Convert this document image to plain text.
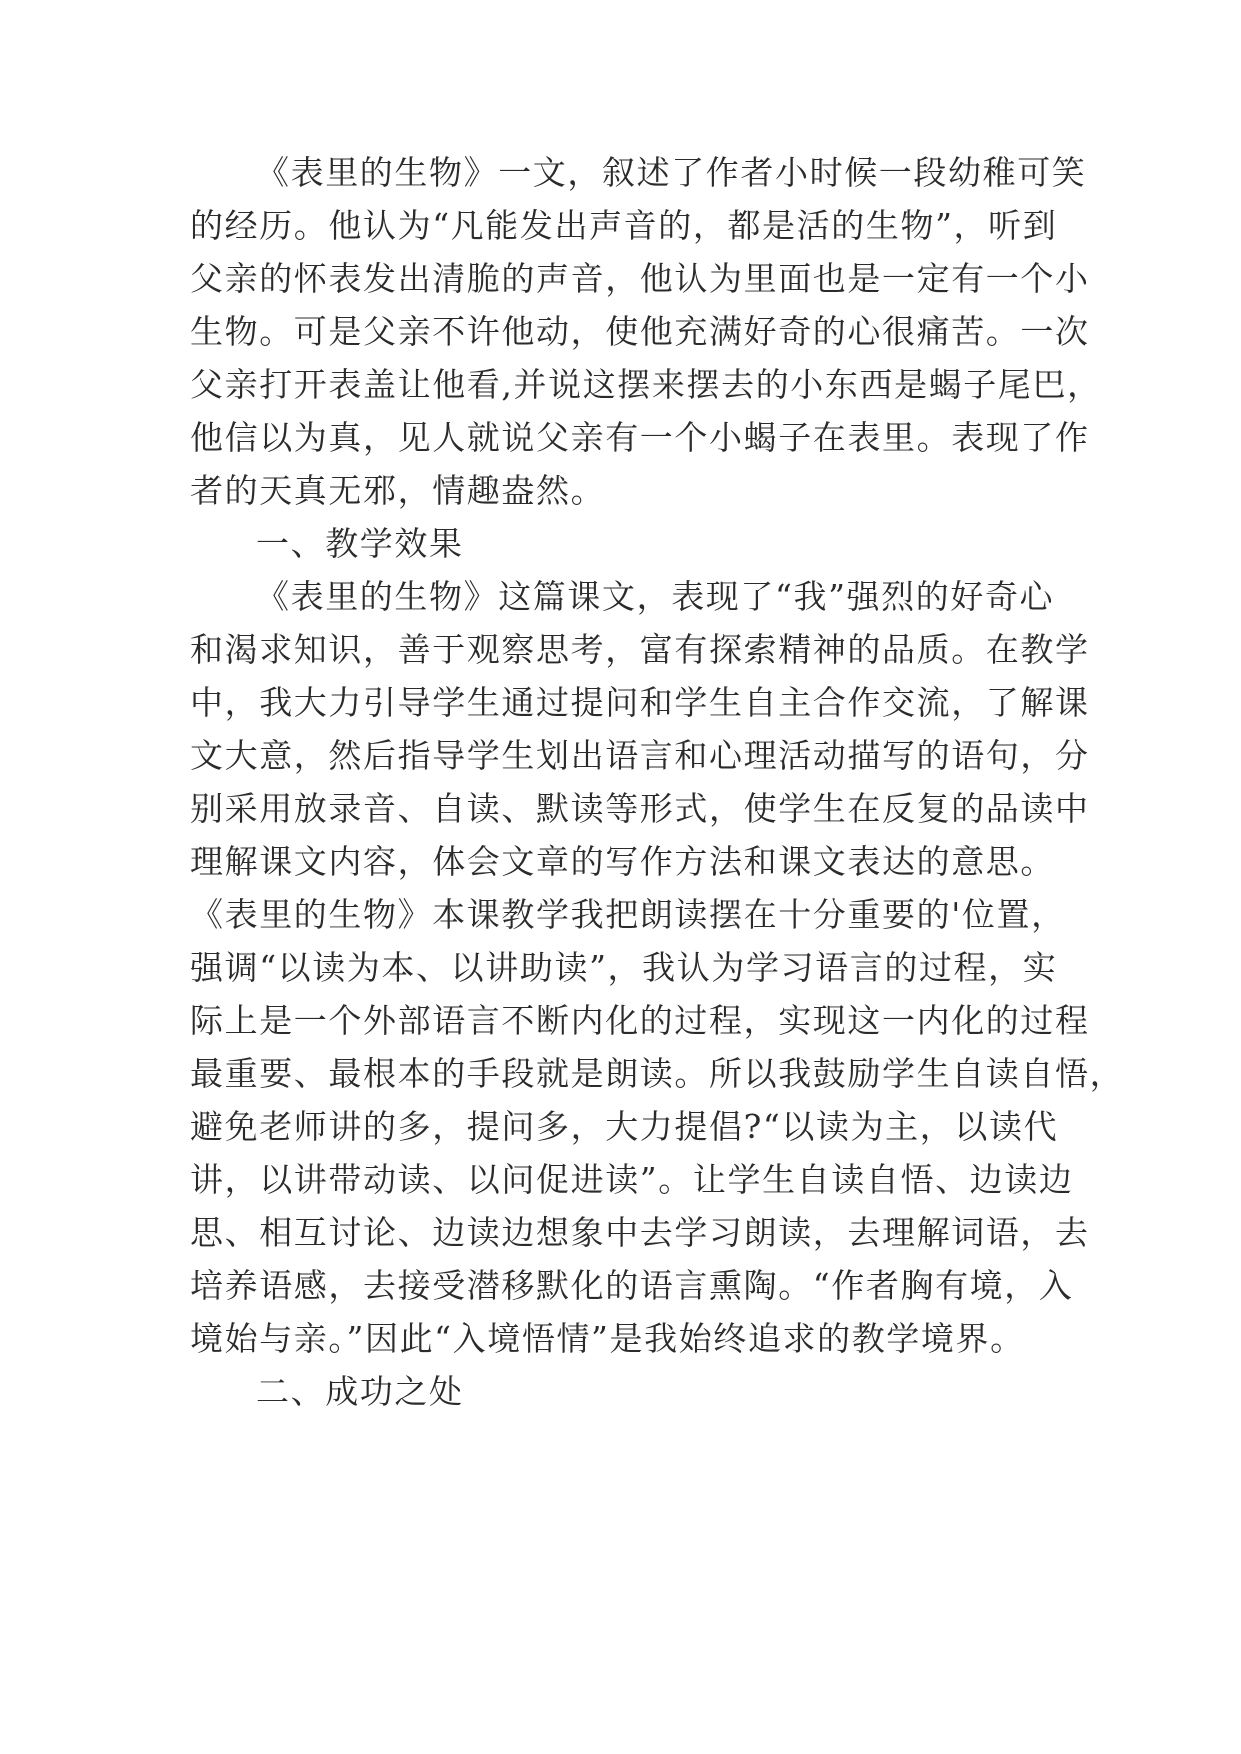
《表里的生物》一文，叙述了作者小时候一段幼稚可笑

的经历。他认为“凡能发出声音的，都是活的生物”，听到

父亲的怀表发出清脆的声音，他认为里面也是一定有一个小

生物。可是父亲不许他动，使他充满好奇的心很痛苦。一次

父亲打开表盖让他看,并说这摆来摆去的小东西是蝎子尾巴，

他信以为真，见人就说父亲有一个小蝎子在表里。表现了作

者的天真无邪，情趣盎然。

一、教学效果

《表里的生物》这篇课文，表现了“我”强烈的好奇心

和渴求知识，善于观察思考，富有探索精神的品质。在教学

中，我大力引导学生通过提问和学生自主合作交流，了解课

文大意，然后指导学生划出语言和心理活动描写的语句，分

别采用放录音、自读、默读等形式，使学生在反复的品读中

理解课文内容，体会文章的写作方法和课文表达的意思。

《表里的生物》本课教学我把朗读摆在十分重要的'位置，

强调“以读为本、以讲助读”，我认为学习语言的过程，实

际上是一个外部语言不断内化的过程，实现这一内化的过程

最重要、最根本的手段就是朗读。所以我鼓励学生自读自悟，

避免老师讲的多，提问多，大力提倡?“以读为主，以读代

讲，以讲带动读、以问促进读”。让学生自读自悟、边读边

思、相互讨论、边读边想象中去学习朗读，去理解词语，去

培养语感，去接受潜移默化的语言熏陶。“作者胸有境，入

境始与亲。”因此“入境悟情”是我始终追求的教学境界。

二、成功之处
